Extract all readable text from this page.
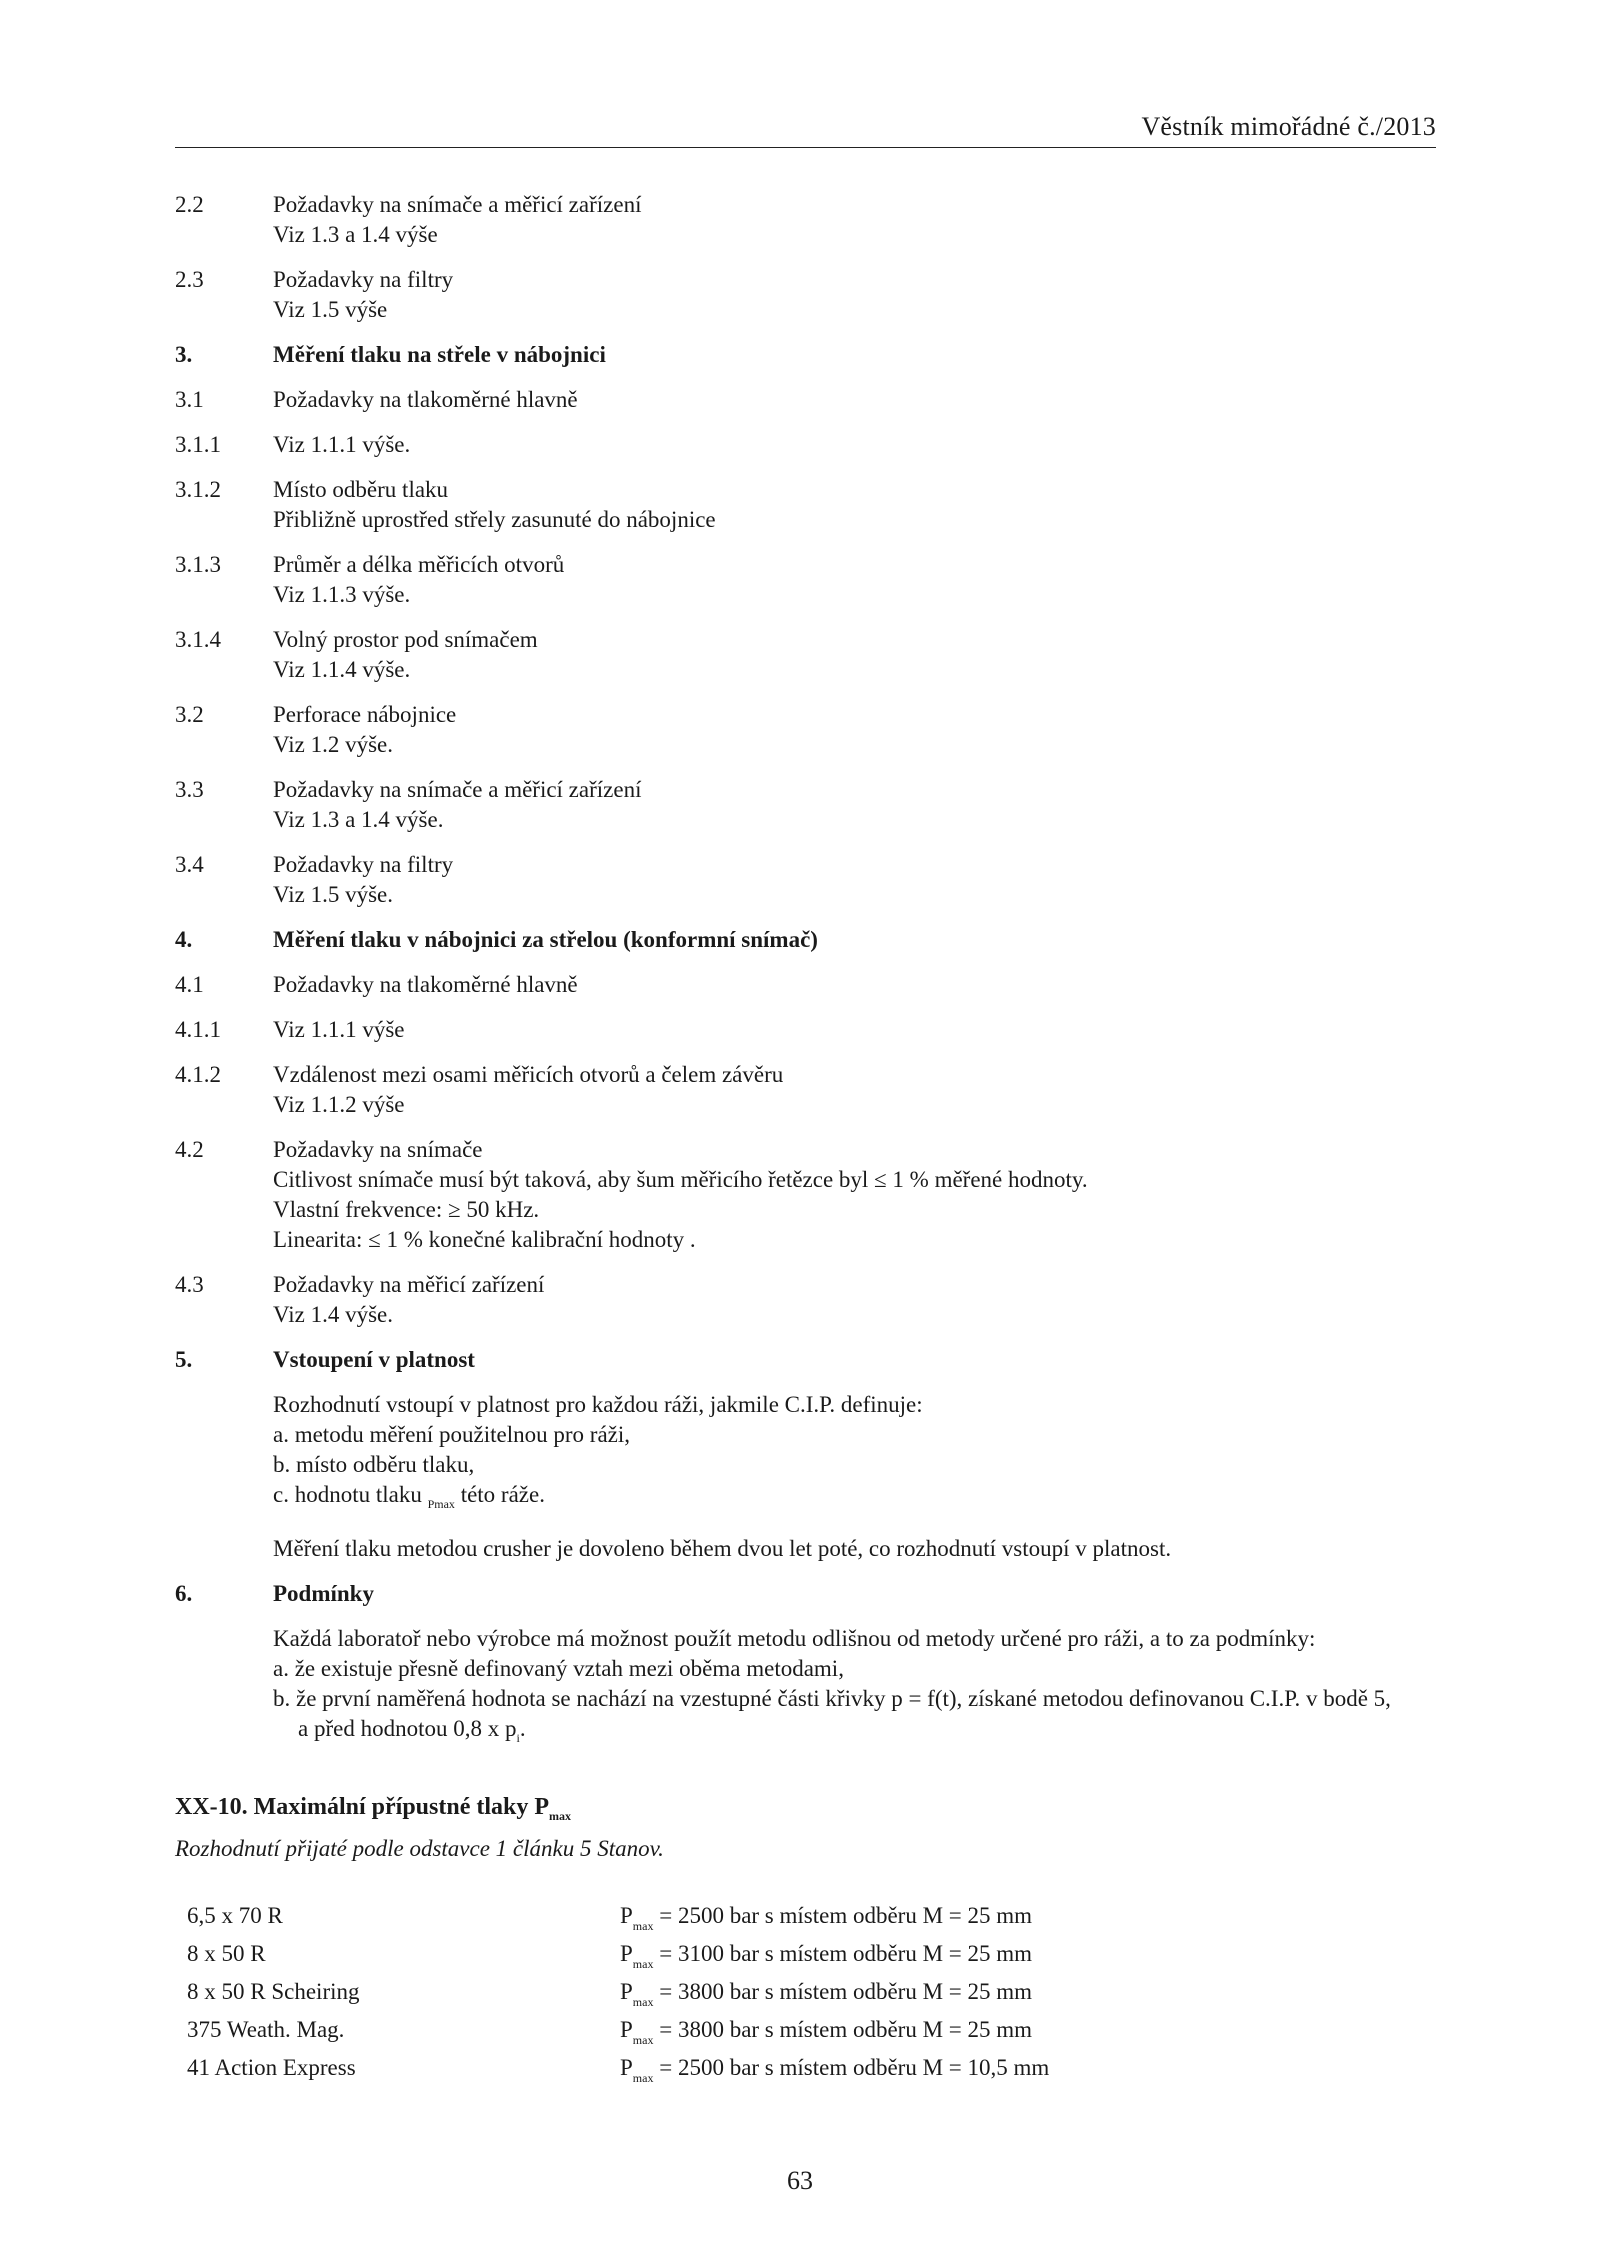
Věstník mimořádné č./2013
2.2	Požadavky na snímače a měřicí zařízení
Viz 1.3 a 1.4 výše
2.3	Požadavky na filtry
Viz 1.5 výše
3.	Měření tlaku na střele v nábojnici
3.1	Požadavky na tlakoměrné hlavně
3.1.1	Viz 1.1.1 výše.
3.1.2	Místo odběru tlaku
Přibližně uprostřed střely zasunuté do nábojnice
3.1.3	Průměr a délka měřicích otvorů
Viz 1.1.3 výše.
3.1.4	Volný prostor pod snímačem
Viz 1.1.4 výše.
3.2	Perforace nábojnice
Viz 1.2 výše.
3.3	Požadavky na snímače a měřicí zařízení
Viz 1.3 a 1.4 výše.
3.4	Požadavky na filtry
Viz 1.5 výše.
4.	Měření tlaku v nábojnici za střelou (konformní snímač)
4.1	Požadavky na tlakoměrné hlavně
4.1.1	Viz 1.1.1 výše
4.1.2	Vzdálenost mezi osami měřicích otvorů a čelem závěru
Viz 1.1.2 výše
4.2	Požadavky na snímače
Citlivost snímače musí být taková, aby šum měřicího řetězce byl ≤ 1 % měřené hodnoty.
Vlastní frekvence: ≥ 50 kHz.
Linearita: ≤ 1 % konečné kalibrační hodnoty .
4.3	Požadavky na měřicí zařízení
Viz 1.4 výše.
5.	Vstoupení v platnost
Rozhodnutí vstoupí v platnost pro každou ráži, jakmile C.I.P. definuje:
a. metodu měření použitelnou pro ráži,
b. místo odběru tlaku,
c. hodnotu tlaku $_{Pmax}$ této ráže.
Měření tlaku metodou crusher je dovoleno během dvou let poté, co rozhodnutí vstoupí v platnost.
6.	Podmínky
Každá laboratoř nebo výrobce má možnost použít metodu odlišnou od metody určené pro ráži, a to za podmínky:
a. že existuje přesně definovaný vztah mezi oběma metodami,
b. že první naměřená hodnota se nachází na vzestupné části křivky p = f(t), získané metodou definovanou C.I.P. v bodě 5,
a před hodnotou 0,8 x $p_i$.
XX-10. Maximální přípustné tlaky $P_{max}$
Rozhodnutí přijaté podle odstavce 1 článku 5 Stanov.
6,5 x 70 R	$P_{max} = 2500$ bar s místem odběru M = 25 mm
8 x 50 R	$P_{max} = 3100$ bar s místem odběru M = 25 mm
8 x 50 R Scheiring	$P_{max} = 3800$ bar s místem odběru M = 25 mm
375 Weath. Mag.	$P_{max} = 3800$ bar s místem odběru M = 25 mm
41 Action Express	$P_{max} = 2500$ bar s místem odběru M = 10,5 mm
63
